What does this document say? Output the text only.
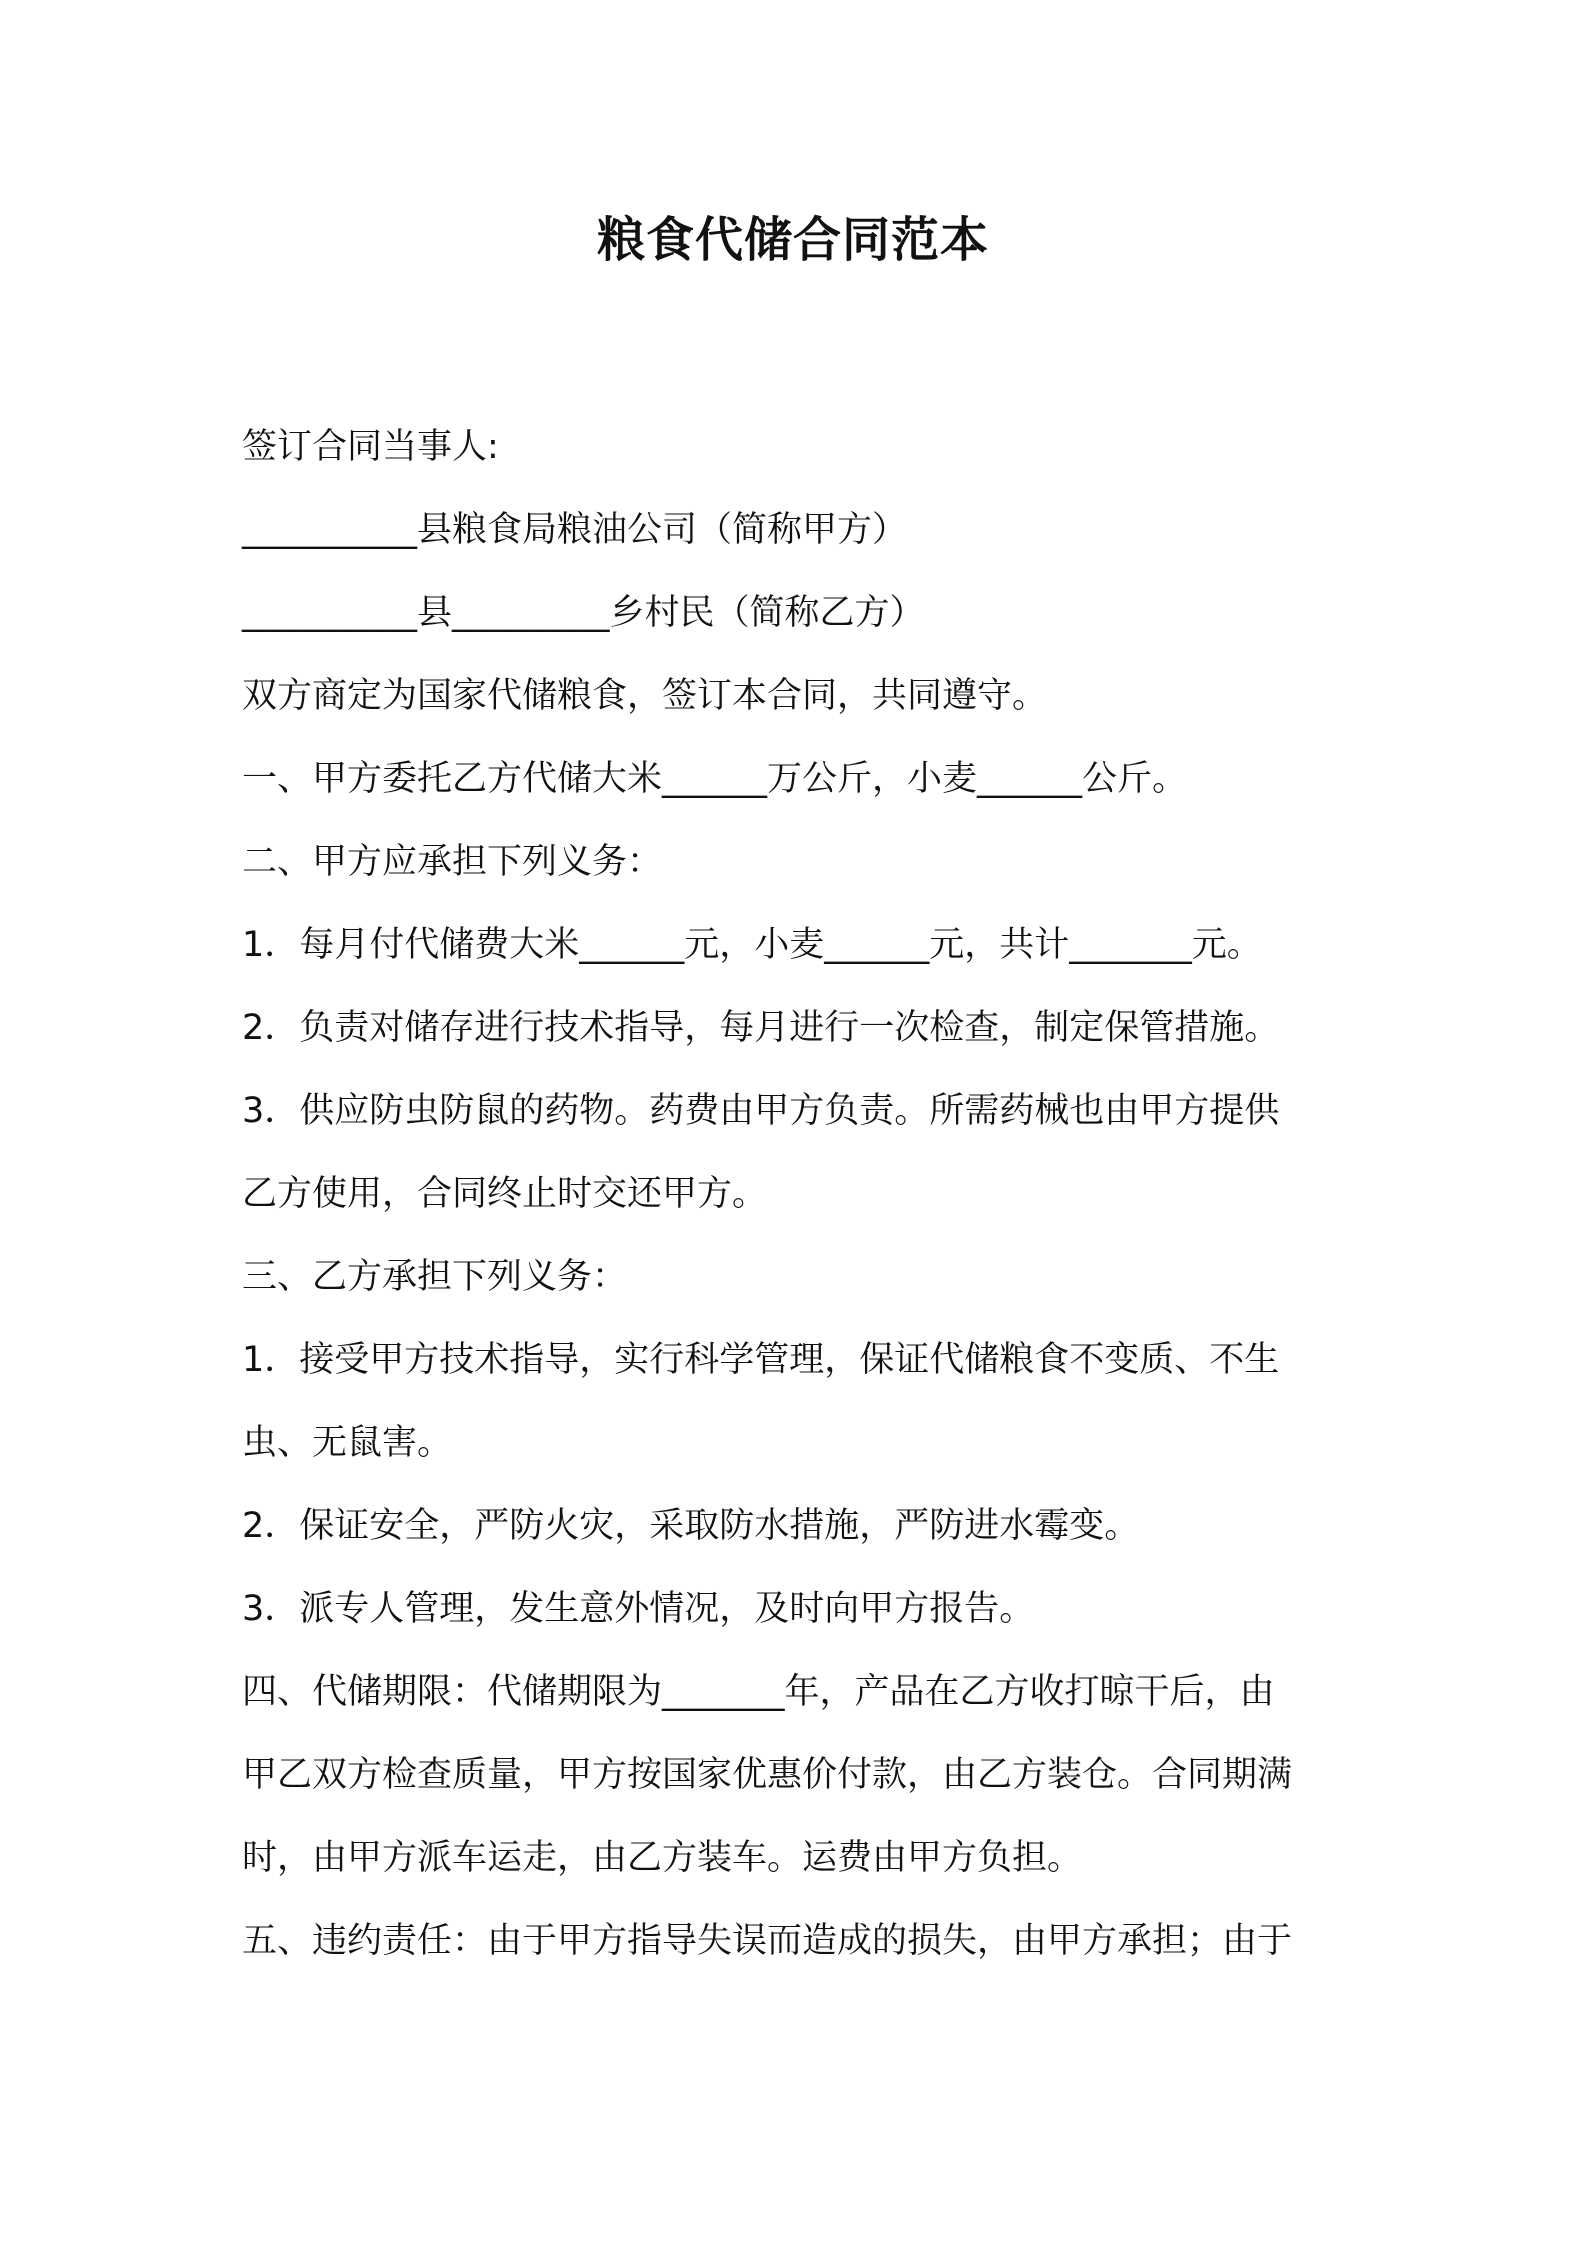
粮食代储合同范本
签订合同当事人:
__________县粮食局粮油公司（简称甲方）
__________县_________乡村民（简称乙方）
双方商定为国家代储粮食，签订本合同，共同遵守。
一、甲方委托乙方代储大米______万公斤，小麦______公斤。
二、甲方应承担下列义务：
1．每月付代储费大米______元，小麦______元，共计_______元。
2．负责对储存进行技术指导，每月进行一次检查，制定保管措施。
3．供应防虫防鼠的药物。药费由甲方负责。所需药械也由甲方提供
乙方使用，合同终止时交还甲方。
三、乙方承担下列义务：
1．接受甲方技术指导，实行科学管理，保证代储粮食不变质、不生
虫、无鼠害。
2．保证安全，严防火灾，采取防水措施，严防进水霉变。
3．派专人管理，发生意外情况，及时向甲方报告。
四、代储期限：代储期限为_______年，产品在乙方收打晾干后，由
甲乙双方检查质量，甲方按国家优惠价付款，由乙方装仓。合同期满
时，由甲方派车运走，由乙方装车。运费由甲方负担。
五、违约责任：由于甲方指导失误而造成的损失，由甲方承担；由于
